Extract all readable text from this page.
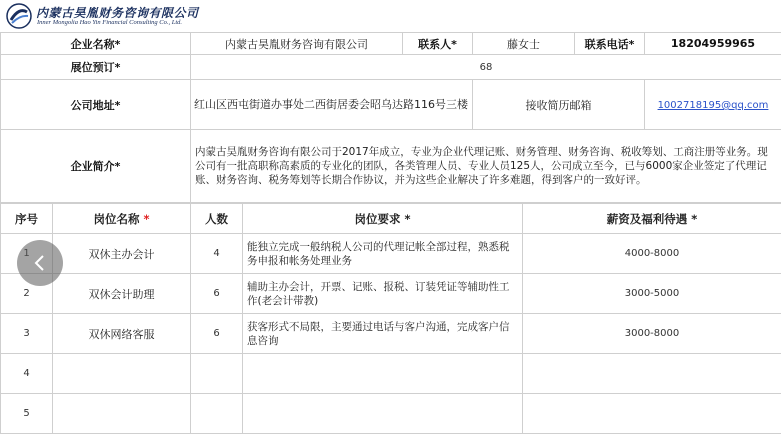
内蒙古昊胤财务咨询有限公司
Inner Mongolia Hao Yin Financial Consulting Co., Ltd.
企业名称*	内蒙古昊胤财务咨询有限公司	联系人*	藤女士	联系电话*	18204959965
展位预订*	68				
公司地址*	红山区西屯街道办事处二西街居委会昭乌达路116号三楼		接收简历邮箱		1002718195@qq.com
企业简介*	内蒙古昊胤财务咨询有限公司于2017年成立，专业为企业代理记账、财务管理、财务咨询、税收筹划、工商注册等业务。现公司有一批高职称高素质的专业化的团队，各类管理人员、专业人员125人，公司成立至今，已与6000家企业签定了代理记账、财务咨询、税务筹划等长期合作协议，并为这些企业解决了许多难题，得到客户的一致好评。				
序号	岗位名称 *	人数	岗位要求 *	薪资及福利待遇 *
	双休主办会计	4	能独立完成一般纳税人公司的代理记帐全部过程，熟悉税务申报和帐务处理业务	4000-8000
2	双休会计助理	6	辅助主办会计，开票、记账、报税、订装凭证等辅助性工作(老会计带教)	3000-5000
3	双休网络客服	6	获客形式不局限，主要通过电话与客户沟通，完成客户信息咨询	3000-8000
4				
5				
